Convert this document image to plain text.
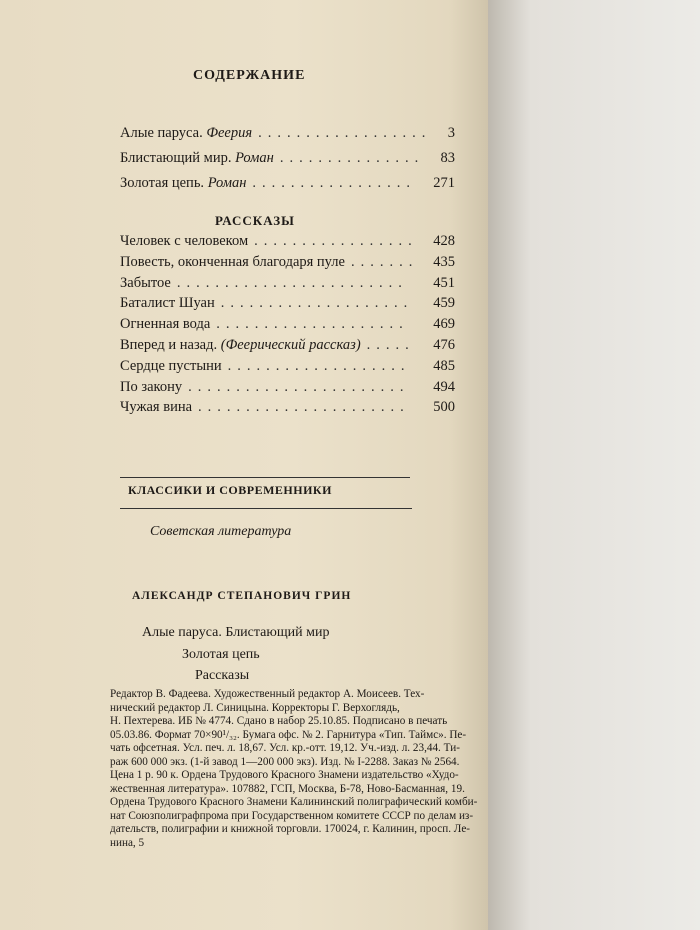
СОДЕРЖАНИЕ
Алые паруса. Феерия .................. 3
Блистающий мир. Роман ............... 83
Золотая цепь. Роман ................. 271
РАССКАЗЫ
Человек с человеком ................. 428
Повесть, оконченная благодаря пуле ....... 435
Забытое ........................ 451
Баталист Шуан .................... 459
Огненная вода .................... 469
Вперед и назад. (Феерический рассказ) ..... 476
Сердце пустыни ................... 485
По закону ....................... 494
Чужая вина ...................... 500
КЛАССИКИ И СОВРЕМЕННИКИ
Советская литература
АЛЕКСАНДР СТЕПАНОВИЧ ГРИН
Алые паруса. Блистающий мир
Золотая цепь
Рассказы
Редактор В. Фадеева. Художественный редактор А. Моисеев. Тех-
нический редактор Л. Синицына. Корректоры Г. Верхоглядь,
Н. Пехтерева. ИБ № 4774. Сдано в набор 25.10.85. Подписано в печать
05.03.86. Формат 70×90¹/₃₂. Бумага офс. № 2. Гарнитура «Тип. Таймс». Пе-
чать офсетная. Усл. печ. л. 18,67. Усл. кр.-отт. 19,12. Уч.-изд. л. 23,44. Ти-
раж 600 000 экз. (1-й завод 1—200 000 экз). Изд. № I-2288. Заказ № 2564.
Цена 1 р. 90 к. Ордена Трудового Красного Знамени издательство «Худо-
жественная литература». 107882, ГСП, Москва, Б-78, Ново-Басманная, 19.
Ордена Трудового Красного Знамени Калининский полиграфический комби-
нат Союзполиграфпрома при Государственном комитете СССР по делам из-
дательств, полиграфии и книжной торговли. 170024, г. Калинин, просп. Ле-
нина, 5
